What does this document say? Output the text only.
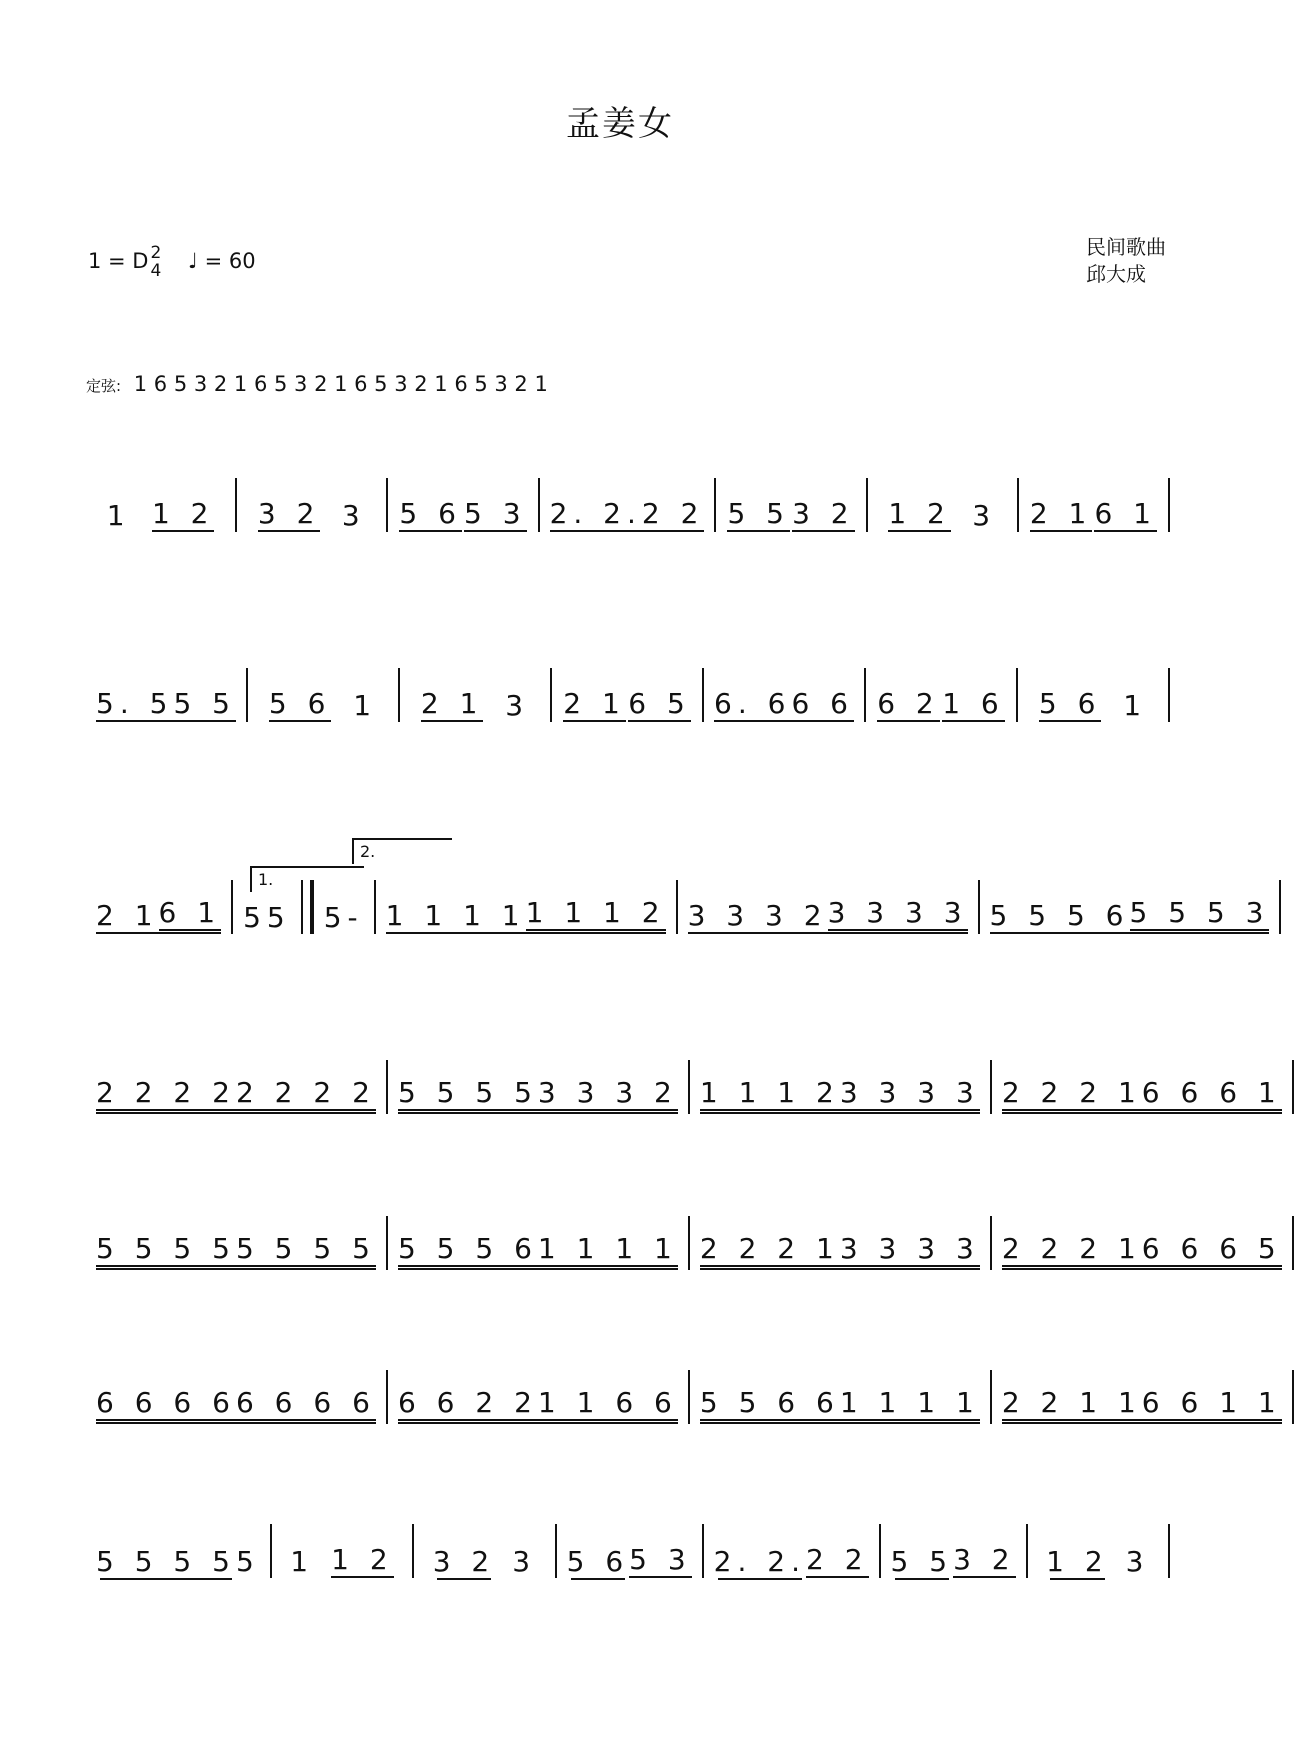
孟姜女
1 = D 2
4 ♩ = 60
民间歌曲
邱大成
定弦: 1 6 5 3 2 1 6 5 3 2 1 6 5 3 2 1 6 5 3 2 1
1.
2.
1 1 2 3 2 3 5 6 5 3 2. 2. 2 2 5 5 3 2 1 2 3 2 1 6 1
5. 5 5 5 5 6 1 2 1 3 2 1 6 5 6. 6 6 6 6 2 1 6 5 6 1
2 1 6 1 5 5 5 - 1 1 1 1 1 1 1 2 3 3 3 2 3 3 3 3 5 5 5 6 5 5 5 3
2 2 2 2 2 2 2 2 5 5 5 5 3 3 3 2 1 1 1 2 3 3 3 3 2 2 2 1 6 6 6 1
5 5 5 5 5 5 5 5 5 5 5 6 1 1 1 1 2 2 2 1 3 3 3 3 2 2 2 1 6 6 6 5
6 6 6 6 6 6 6 6 6 6 2 2 1 1 6 6 5 5 6 6 1 1 1 1 2 2 1 1 6 6 1 1
5 5 5 5 5 1 1 2 3 2 3 5 6 5 3 2. 2. 2 2 5 5 3 2 1 2 3
